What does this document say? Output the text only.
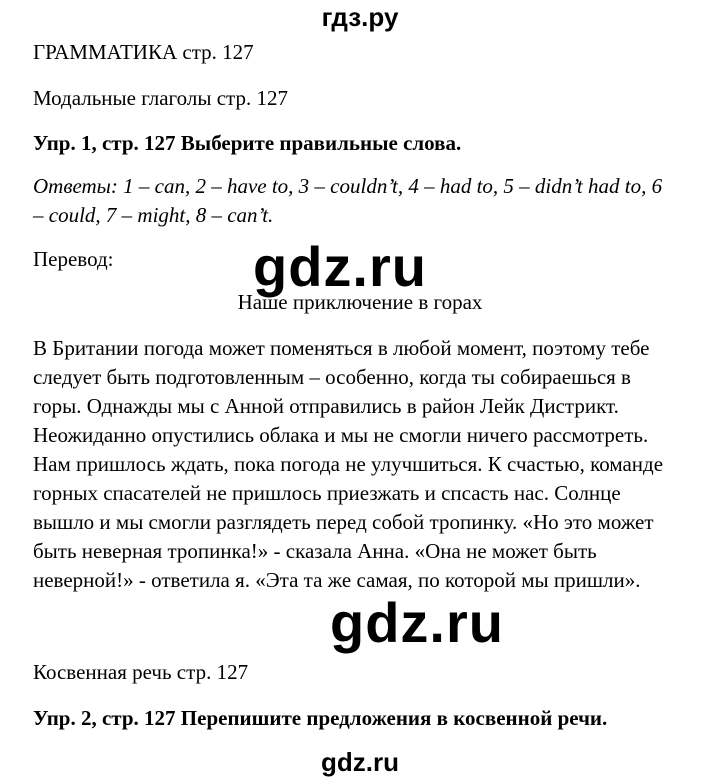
гдз.ру
ГРАММАТИКА стр. 127
Модальные глаголы стр. 127
Упр. 1, стр. 127 Выберите правильные слова.
Ответы: 1 – can, 2 – have to, 3 – couldn’t, 4 – had to, 5 – didn’t had to, 6
– could, 7 – might, 8 – can’t.
Перевод: gdz.ru
Наше приключение в горах
В Британии погода может поменяться в любой момент, поэтому тебе
следует быть подготовленным – особенно, когда ты собираешься в
горы. Однажды мы с Анной отправились в район Лейк Дистрикт.
Неожиданно опустились облака и мы не смогли ничего рассмотреть.
Нам пришлось ждать, пока погода не улучшиться. К счастью, команде
горных спасателей не пришлось приезжать и спсасть нас. Солнце
вышло и мы смогли разглядеть перед собой тропинку. «Но это может
быть неверная тропинка!» - сказала Анна. «Она не может быть
неверной!» - ответила я. «Эта та же самая, по которой мы пришли».
gdz.ru
Косвенная речь стр. 127
Упр. 2, стр. 127 Перепишите предложения в косвенной речи.
gdz.ru
